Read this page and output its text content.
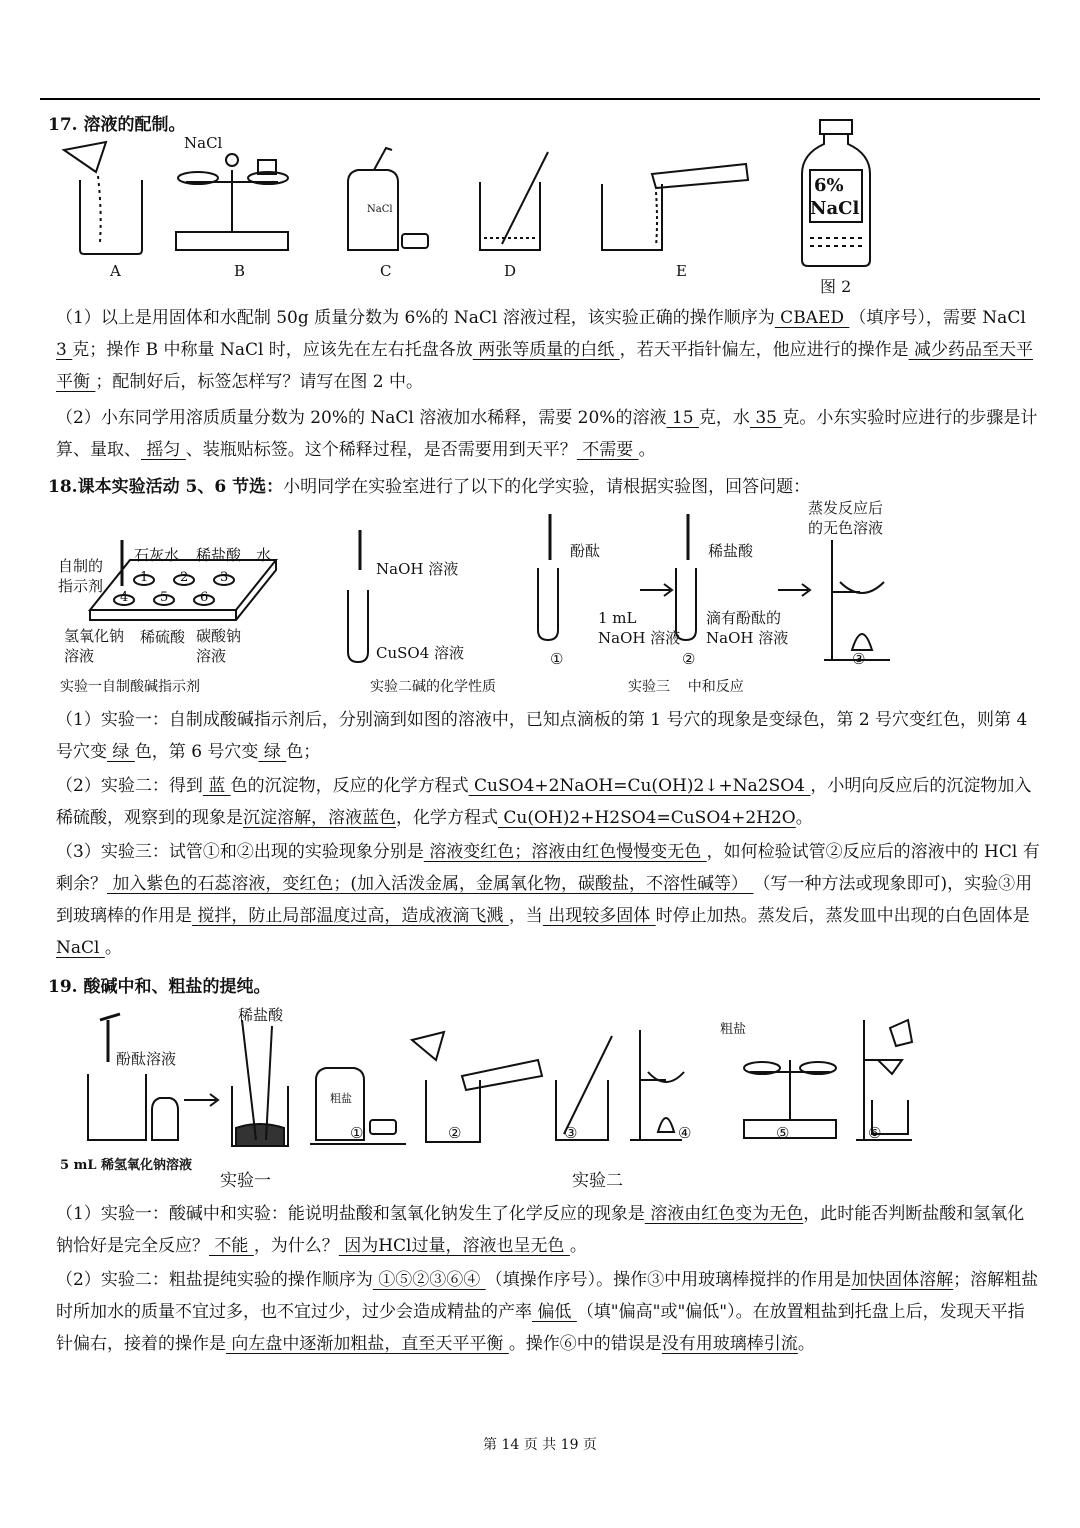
17. 溶液的配制。
NaCl
NaCl
A	B	C	D	E
6%
NaCl
图 2
（1）以上是用固体和水配制 50g 质量分数为 6%的 NaCl 溶液过程，该实验正确的操作顺序为 CBAED （填序号），需要 NaCl 3 克；操作 B 中称量 NaCl 时，应该先在左右托盘各放 两张等质量的白纸 ，若天平指针偏左，他应进行的操作是 减少药品至天平平衡 ；配制好后，标签怎样写？请写在图 2 中。
（2）小东同学用溶质质量分数为 20%的 NaCl 溶液加水稀释，需要 20%的溶液 15 克，水 35 克。小东实验时应进行的步骤是计算、量取、 摇匀 、装瓶贴标签。这个稀释过程，是否需要用到天平？ 不需要 。
18.课本实验活动 5、6 节选：小明同学在实验室进行了以下的化学实验，请根据实验图，回答问题：
自制的
指示剂
石灰水 稀盐酸 水
氢氧化钠
溶液
稀硫酸 碳酸钠
溶液
1 2 3
4 5 6
实验一自制酸碱指示剂
NaOH 溶液
CuSO4 溶液
实验二碱的化学性质
酚酞
1 mL
NaOH 溶液
稀盐酸
滴有酚酞的
NaOH 溶液
蒸发反应后
的无色溶液
①	②	③
实验三    中和反应
（1）实验一：自制成酸碱指示剂后，分别滴到如图的溶液中，已知点滴板的第 1 号穴的现象是变绿色，第 2 号穴变红色，则第 4 号穴变 绿 色，第 6 号穴变 绿 色；
（2）实验二：得到 蓝 色的沉淀物，反应的化学方程式 CuSO4+2NaOH=Cu(OH)2↓+Na2SO4 ，小明向反应后的沉淀物加入稀硫酸，观察到的现象是沉淀溶解，溶液蓝色，化学方程式 Cu(OH)2+H2SO4=CuSO4+2H2O。
（3）实验三：试管①和②出现的实验现象分别是 溶液变红色；溶液由红色慢慢变无色 ，如何检验试管②反应后的溶液中的 HCl 有剩余？ 加入紫色的石蕊溶液，变红色；(加入活泼金属，金属氧化物，碳酸盐，不溶性碱等） （写一种方法或现象即可)，实验③用到玻璃棒的作用是 搅拌，防止局部温度过高，造成液滴飞溅 ，当 出现较多固体 时停止加热。蒸发后，蒸发皿中出现的白色固体是 NaCl 。
19. 酸碱中和、粗盐的提纯。
酚酞溶液
稀盐酸
5 mL 稀氢氧化钠溶液
实验一
粗盐
粗盐
①	②	③	④	⑤	⑥
实验二
（1）实验一：酸碱中和实验：能说明盐酸和氢氧化钠发生了化学反应的现象是 溶液由红色变为无色，此时能否判断盐酸和氢氧化钠恰好是完全反应？ 不能 ，为什么？ 因为HCl过量，溶液也呈无色 。
（2）实验二：粗盐提纯实验的操作顺序为 ①⑤②③⑥④ （填操作序号）。操作③中用玻璃棒搅拌的作用是加快固体溶解；溶解粗盐时所加水的质量不宜过多，也不宜过少，过少会造成精盐的产率 偏低 （填"偏高"或"偏低"）。在放置粗盐到托盘上后，发现天平指针偏右，接着的操作是 向左盘中逐渐加粗盐，直至天平平衡 。操作⑥中的错误是没有用玻璃棒引流。
第 14 页 共 19 页
